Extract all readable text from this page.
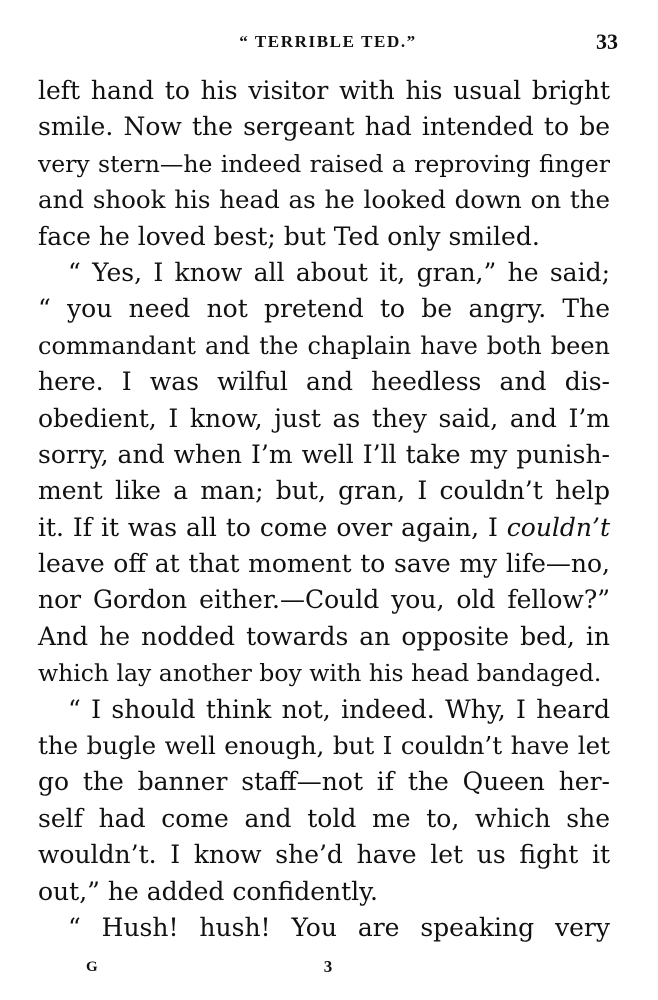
“ TERRIBLE TED.”	33
left hand to his visitor with his usual bright
smile. Now the sergeant had intended to be
very stern—he indeed raised a reproving finger
and shook his head as he looked down on the
face he loved best; but Ted only smiled.
“ Yes, I know all about it, gran,” he said;
“ you need not pretend to be angry. The
commandant and the chaplain have both been
here. I was wilful and heedless and dis-
obedient, I know, just as they said, and I’m
sorry, and when I’m well I’ll take my punish-
ment like a man; but, gran, I couldn’t help
it. If it was all to come over again, I couldn’t
leave off at that moment to save my life—no,
nor Gordon either.—Could you, old fellow?”
And he nodded towards an opposite bed, in
which lay another boy with his head bandaged.
“ I should think not, indeed. Why, I heard
the bugle well enough, but I couldn’t have let
go the banner staff—not if the Queen her-
self had come and told me to, which she
wouldn’t. I know she’d have let us fight it
out,” he added confidently.
“ Hush! hush! You are speaking very
G	3
